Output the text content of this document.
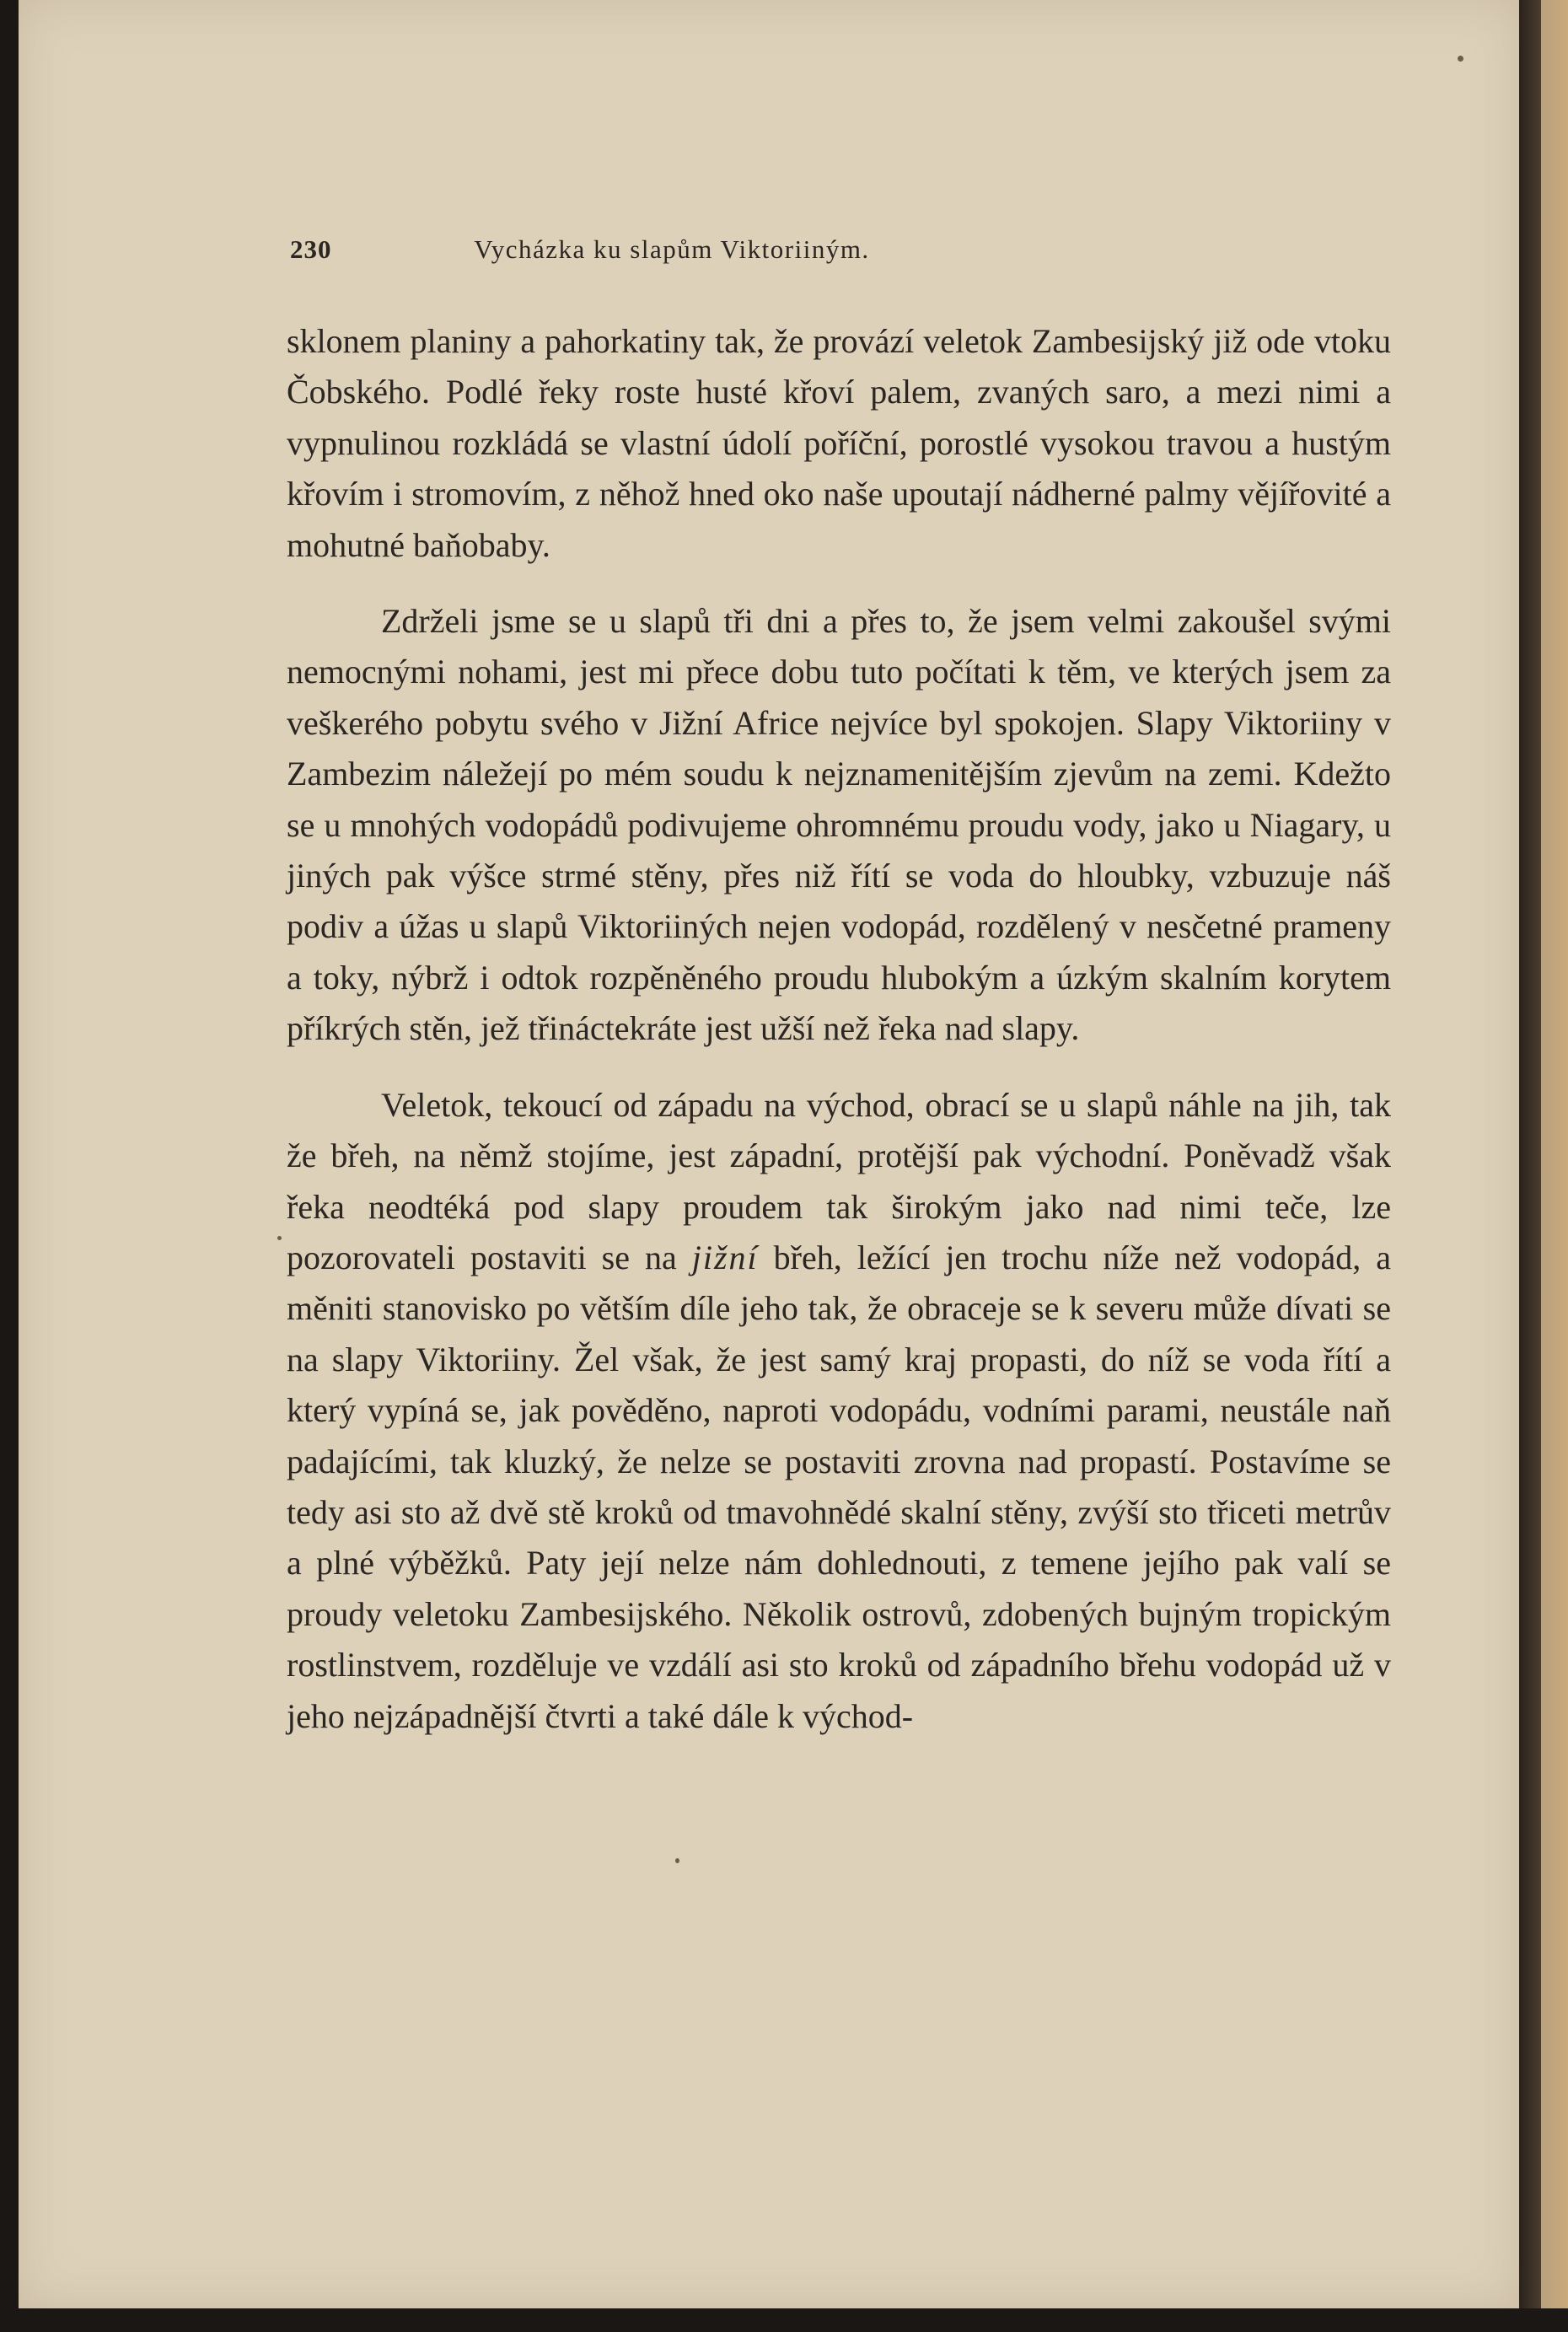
230	Vycházka ku slapům Viktoriiným.

sklonem planiny a pahorkatiny tak, že provází veletok Zambesijský již ode vtoku Čobského. Podlé řeky roste husté křoví palem, zvaných saro, a mezi nimi a vypnulinou rozkládá se vlastní údolí poříční, porostlé vysokou travou a hustým křovím i stromovím, z něhož hned oko naše upoutají nádherné palmy vějířovité a mohutné baňobaby.

Zdrželi jsme se u slapů tři dni a přes to, že jsem velmi zakoušel svými nemocnými nohami, jest mi přece dobu tuto počítati k těm, ve kterých jsem za veškerého pobytu svého v Jižní Africe nejvíce byl spokojen. Slapy Viktoriiny v Zambezim náležejí po mém soudu k nejznamenitějším zjevům na zemi. Kdežto se u mnohých vodopádů podivujeme ohromnému proudu vody, jako u Niagary, u jiných pak výšce strmé stěny, přes niž řítí se voda do hloubky, vzbuzuje náš podiv a úžas u slapů Viktoriiných nejen vodopád, rozdělený v nesčetné prameny a toky, nýbrž i odtok rozpěněného proudu hlubokým a úzkým skalním korytem příkrých stěn, jež třináctekráte jest užší než řeka nad slapy.

Veletok, tekoucí od západu na východ, obrací se u slapů náhle na jih, tak že břeh, na němž stojíme, jest západní, protější pak východní. Poněvadž však řeka neodtéká pod slapy proudem tak širokým jako nad nimi teče, lze pozorovateli postaviti se na jižní břeh, ležící jen trochu níže než vodopád, a měniti stanovisko po větším díle jeho tak, že obraceje se k severu může dívati se na slapy Viktoriiny. Žel však, že jest samý kraj propasti, do níž se voda řítí a který vypíná se, jak pověděno, naproti vodopádu, vodními parami, neustále naň padajícími, tak kluzký, že nelze se postaviti zrovna nad propastí. Postavíme se tedy asi sto až dvě stě kroků od tmavohnědé skalní stěny, zvýší sto třiceti metrův a plné výběžků. Paty její nelze nám dohlednouti, z temene jejího pak valí se proudy veletoku Zambesijského. Několik ostrovů, zdobených bujným tropickým rostlinstvem, rozděluje ve vzdálí asi sto kroků od západního břehu vodopád už v jeho nejzápadnější čtvrti a také dále k východ-
